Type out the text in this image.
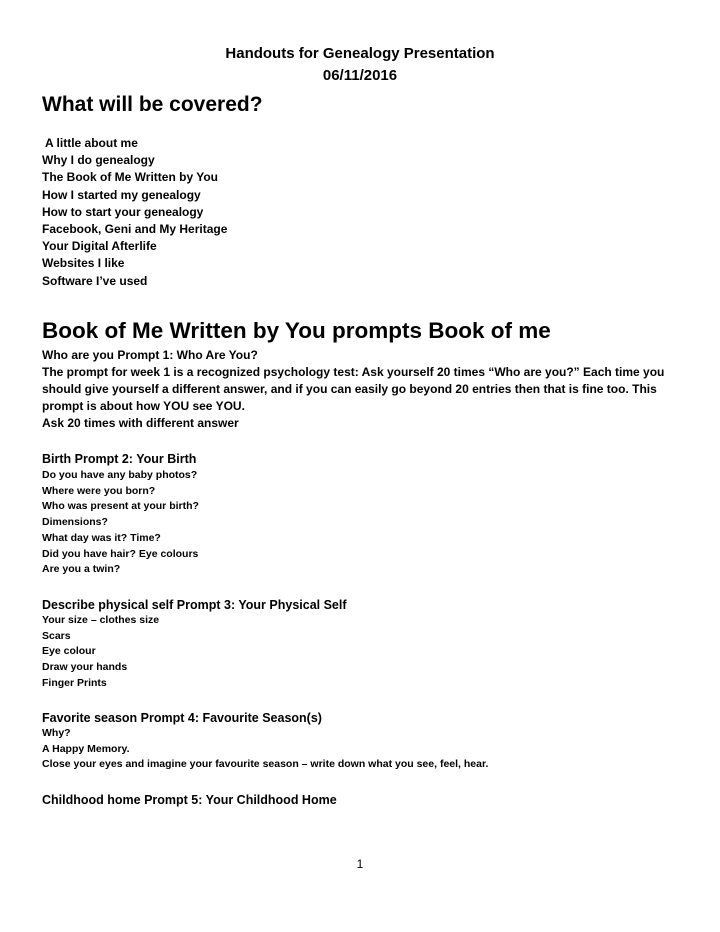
Handouts for Genealogy Presentation
06/11/2016
What will be covered?
A little about me
Why I do genealogy
The Book of Me Written by You
How I started my genealogy
How to start your genealogy
Facebook, Geni and My Heritage
Your Digital Afterlife
Websites I like
Software I’ve used
Book of Me Written by You prompts Book of me
Who are you Prompt 1: Who Are You?
The prompt for week 1 is a recognized psychology test: Ask yourself 20 times “Who are you?” Each time you should give yourself a different answer, and if you can easily go beyond 20 entries then that is fine too. This prompt is about how YOU see YOU.
Ask 20 times with different answer
Birth Prompt 2: Your Birth
Do you have any baby photos?
Where were you born?
Who was present at your birth?
Dimensions?
What day was it? Time?
Did you have hair? Eye colours
Are you a twin?
Describe physical self Prompt 3: Your Physical Self
Your size – clothes size
Scars
Eye colour
Draw your hands
Finger Prints
Favorite season Prompt 4: Favourite Season(s)
Why?
A Happy Memory.
Close your eyes and imagine your favourite season – write down what you see, feel, hear.
Childhood home Prompt 5: Your Childhood Home
1
